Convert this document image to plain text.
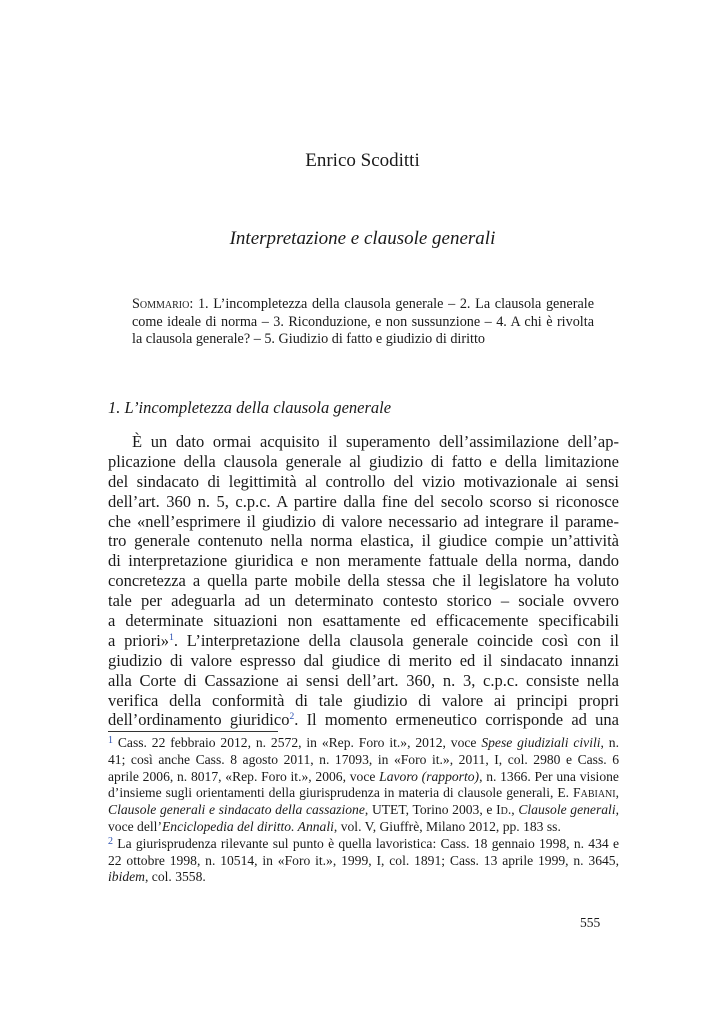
Enrico Scoditti
Interpretazione e clausole generali
Sommario: 1. L’incompletezza della clausola generale – 2. La clausola generale come ideale di norma – 3. Riconduzione, e non sussunzione – 4. A chi è rivolta la clausola generale? – 5. Giudizio di fatto e giudizio di diritto
1. L’incompletezza della clausola generale
È un dato ormai acquisito il superamento dell’assimilazione dell’ap-
plicazione della clausola generale al giudizio di fatto e della limitazione
del sindacato di legittimità al controllo del vizio motivazionale ai sensi
dell’art. 360 n. 5, c.p.c. A partire dalla fine del secolo scorso si riconosce
che «nell’esprimere il giudizio di valore necessario ad integrare il parame-
tro generale contenuto nella norma elastica, il giudice compie un’attività
di interpretazione giuridica e non meramente fattuale della norma, dando
concretezza a quella parte mobile della stessa che il legislatore ha voluto
tale per adeguarla ad un determinato contesto storico – sociale ovvero
a determinate situazioni non esattamente ed efficacemente specificabili
a priori»$^1$. L’interpretazione della clausola generale coincide così con il
giudizio di valore espresso dal giudice di merito ed il sindacato innanzi
alla Corte di Cassazione ai sensi dell’art. 360, n. 3, c.p.c. consiste nella
verifica della conformità di tale giudizio di valore ai principi propri
dell’ordinamento giuridico$^2$. Il momento ermeneutico corrisponde ad una
$^1$ Cass. 22 febbraio 2012, n. 2572, in «Rep. Foro it.», 2012, voce Spese giudiziali civili, n.
41; così anche Cass. 8 agosto 2011, n. 17093, in «Foro it.», 2011, I, col. 2980 e Cass. 6
aprile 2006, n. 8017, «Rep. Foro it.», 2006, voce Lavoro (rapporto), n. 1366. Per una visione
d’insieme sugli orientamenti della giurisprudenza in materia di clausole generali, E. Fabiani,
Clausole generali e sindacato della cassazione, UTET, Torino 2003, e Id., Clausole generali,
voce dell’Enciclopedia del diritto. Annali, vol. V, Giuffrè, Milano 2012, pp. 183 ss.
$^2$ La giurisprudenza rilevante sul punto è quella lavoristica: Cass. 18 gennaio 1998, n. 434 e
22 ottobre 1998, n. 10514, in «Foro it.», 1999, I, col. 1891; Cass. 13 aprile 1999, n. 3645,
ibidem, col. 3558.
555
